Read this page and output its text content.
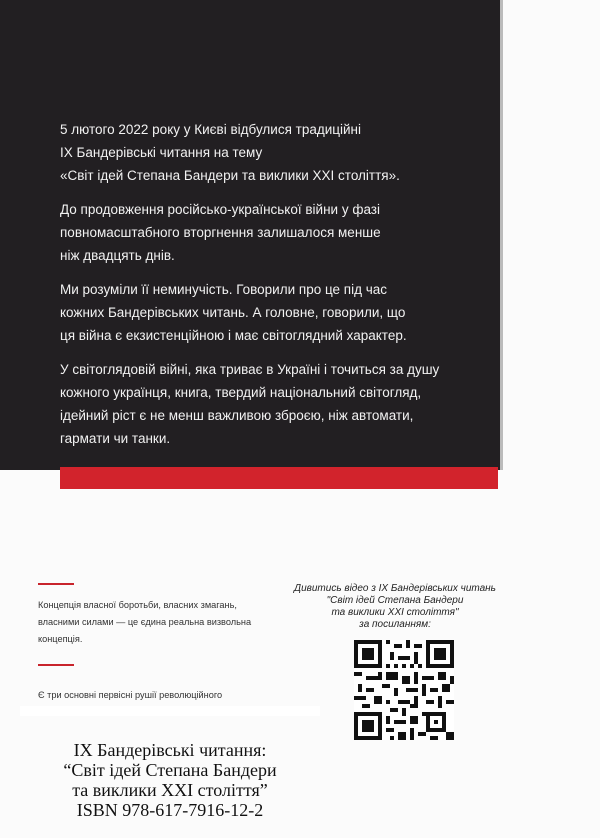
5 лютого 2022 року у Києві відбулися традиційні
IX Бандерівські читання на тему
«Світ ідей Степана Бандери та виклики XXI століття».

До продовження російсько-української війни у фазі
повномасштабного вторгнення залишалося менше
ніж двадцять днів.

Ми розуміли її неминучість. Говорили про це під час
кожних Бандерівських читань. А головне, говорили, що
ця війна є екзистенційною і має світоглядний характер.

У світоглядовій війні, яка триває в Україні і точиться за душу
кожного українця, книга, твердий національний світогляд,
ідейний ріст є не менш важливою зброєю, ніж автомати,
гармати чи танки.

Концепція власної боротьби, власних змагань,
власними силами — це єдина реальна визвольна
концепція.
Є три основні первісні рушії революційного
Дивитись відео з IX Бандерівських читань
"Світ ідей Степана Бандери
та виклики XXI століття"
за посиланням:
IX Бандерівські читання:
“Світ ідей Степана Бандери
та виклики XXI століття”
ISBN 978-617-7916-12-2
